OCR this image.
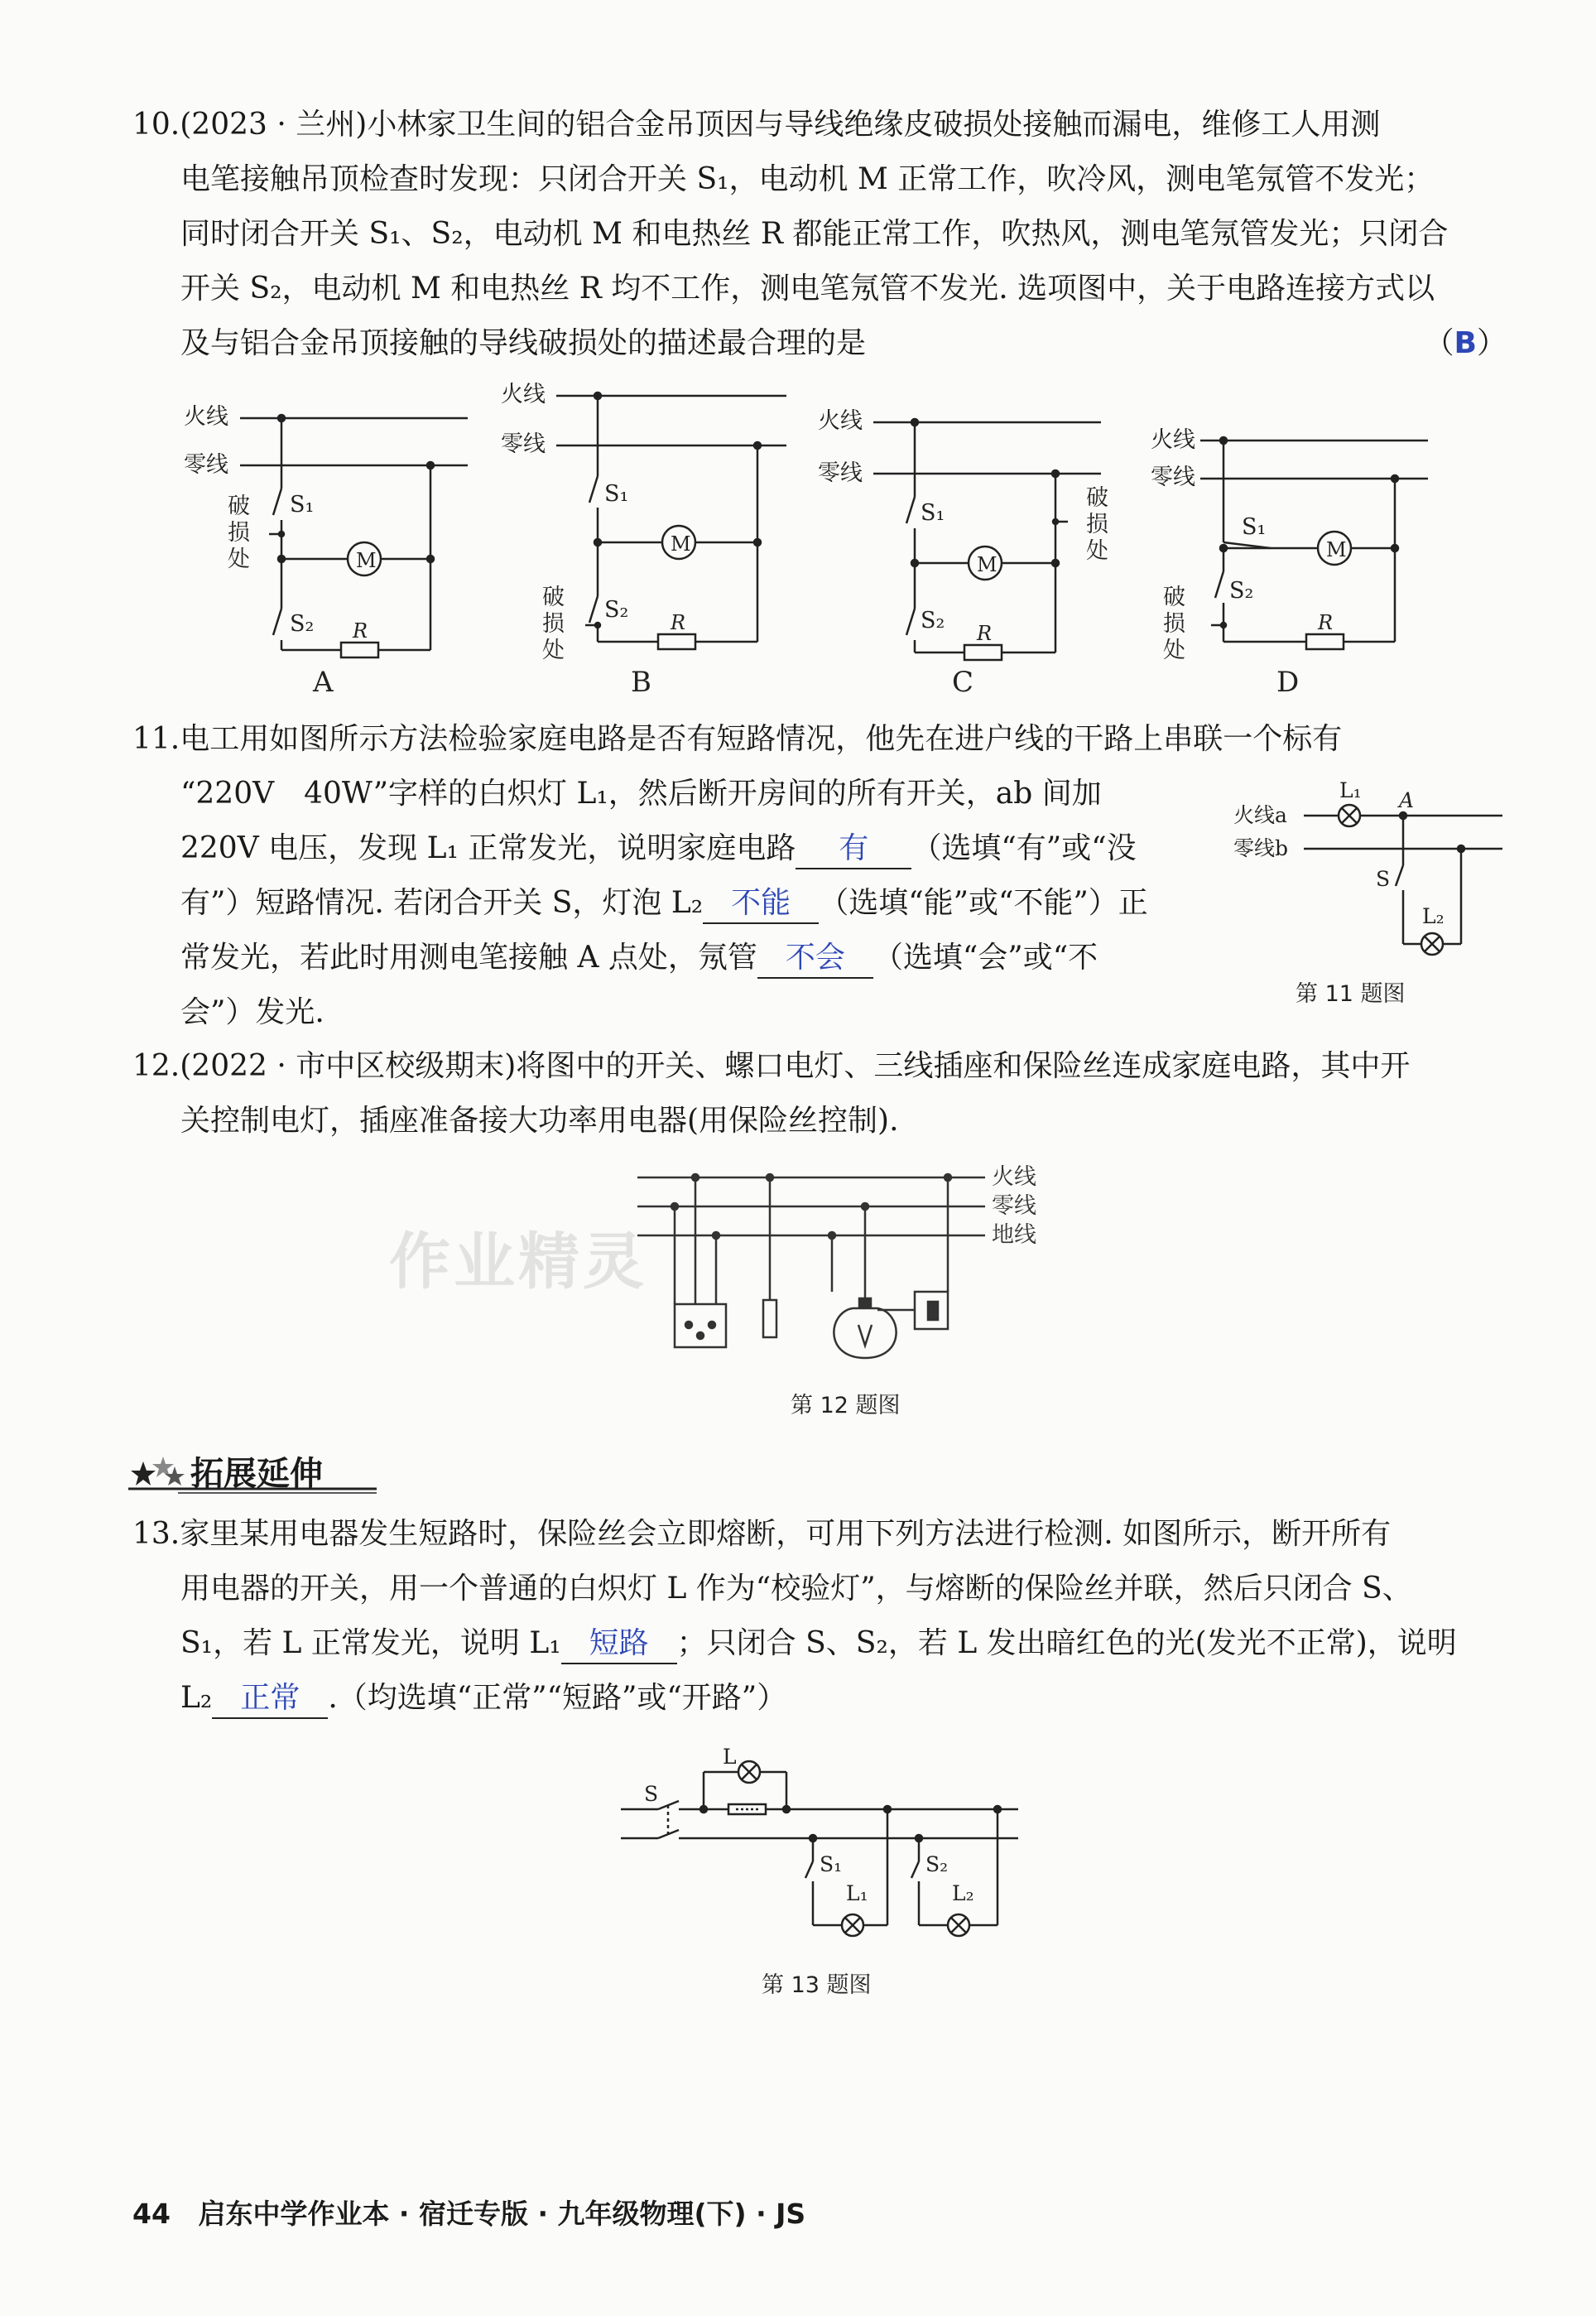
10.(2023 · 兰州)小林家卫生间的铝合金吊顶因与导线绝缘皮破损处接触而漏电，维修工人用测

电笔接触吊顶检查时发现：只闭合开关 S₁，电动机 M 正常工作，吹冷风，测电笔氖管不发光；

同时闭合开关 S₁、S₂，电动机 M 和电热丝 R 都能正常工作，吹热风，测电笔氖管发光；只闭合

开关 S₂，电动机 M 和电热丝 R 均不工作，测电笔氖管不发光. 选项图中，关于电路连接方式以

及与铝合金吊顶接触的导线破损处的描述最合理的是	（B）

火线
零线
S₁
S₂
破
损
处	M
R
A
火线
零线
S₁
S₂
破
损
处
M
R
B
火线
零线
S₁
S₂
破
损
处
M
R
C
火线
零线
S₁
S₂
破
损
处
M
R
D

11.电工用如图所示方法检验家庭电路是否有短路情况，他先在进户线的干路上串联一个标有

“220V　40W”字样的白炽灯 L₁，然后断开房间的所有开关，ab 间加

220V 电压，发现 L₁ 正常发光，说明家庭电路 有 （选填“有”或“没

有”）短路情况. 若闭合开关 S，灯泡 L₂ 不能 （选填“能”或“不能”）正

常发光，若此时用测电笔接触 A 点处，氖管 不会 （选填“会”或“不

会”）发光.

火线a
零线b
L₁ A
S
L₂
第 11 题图

12.(2022 · 市中区校级期末)将图中的开关、螺口电灯、三线插座和保险丝连成家庭电路，其中开

关控制电灯，插座准备接大功率用电器(用保险丝控制).

作业精灵
火线
零线
地线
第 12 题图
拓展延伸

13.家里某用电器发生短路时，保险丝会立即熔断，可用下列方法进行检测. 如图所示，断开所有

用电器的开关，用一个普通的白炽灯 L 作为“校验灯”，与熔断的保险丝并联，然后只闭合 S、

S₁，若 L 正常发光，说明 L₁ 短路 ；只闭合 S、S₂，若 L 发出暗红色的光(发光不正常)，说明

L₂ 正常 .（均选填“正常”“短路”或“开路”）

S
L
S₁
L₁
S₂
L₂
第 13 题图
44 启东中学作业本 · 宿迁专版 · 九年级物理(下) · JS
